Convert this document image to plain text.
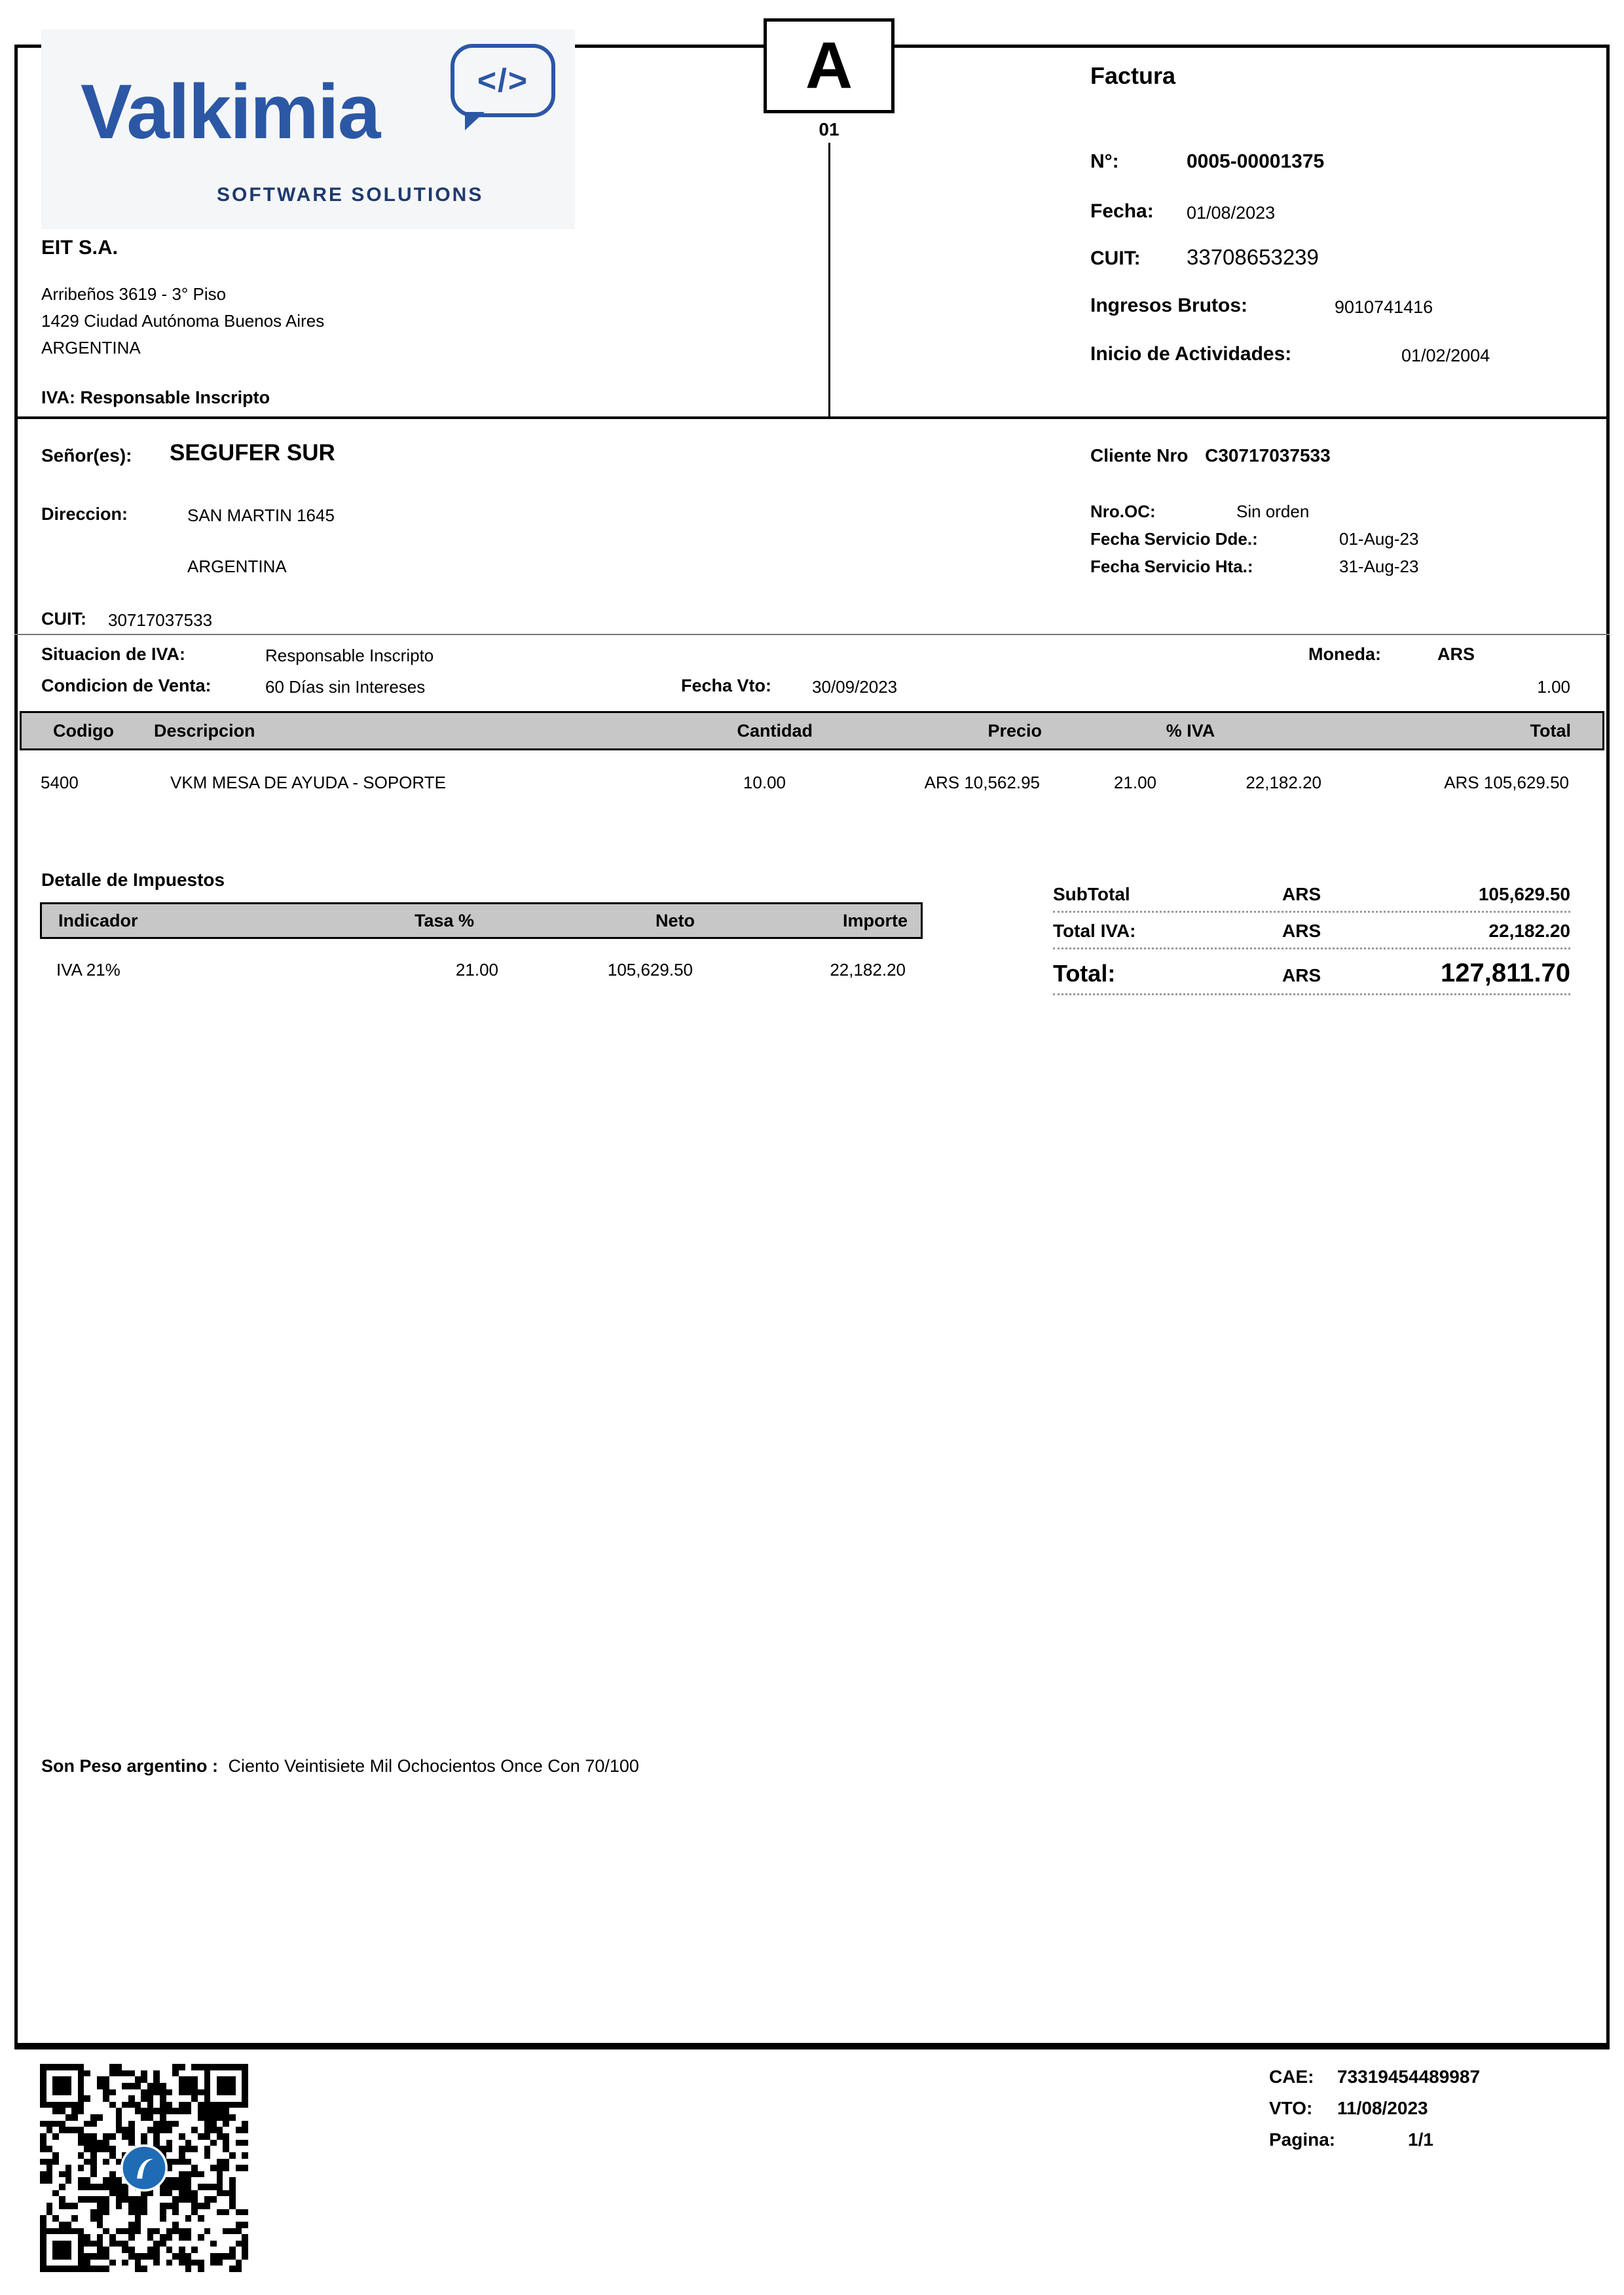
Valkimia	</>
SOFTWARE SOLUTIONS
EIT S.A.
Arribeños 3619 - 3° Piso
1429 Ciudad Autónoma Buenos Aires
ARGENTINA
IVA: Responsable Inscripto
A
01
Factura
N°:	0005-00001375
Fecha: 01/08/2023
CUIT: 33708653239
Ingresos Brutos:	9010741416
Inicio de Actividades:	01/02/2004
Señor(es): SEGUFER SUR	Cliente Nro C30717037533
Direccion:	SAN MARTIN 1645
ARGENTINA
Nro.OC:	Sin orden
Fecha Servicio Dde.:	01-Aug-23
Fecha Servicio Hta.:	31-Aug-23
CUIT: 30717037533
Situacion de IVA:	Responsable Inscripto	Moneda:	ARS
Condicion de Venta:	60 Días sin Intereses	Fecha Vto: 30/09/2023	1.00
Codigo	Descripcion	Cantidad	Precio	% IVA	Total
5400	VKM MESA DE AYUDA - SOPORTE	10.00	ARS 10,562.95	21.00	22,182.20	ARS 105,629.50
Detalle de Impuestos
Indicador	Tasa %	Neto	Importe
IVA 21%	21.00	105,629.50	22,182.20
SubTotal	ARS	105,629.50
Total IVA:	ARS	22,182.20
Total:	ARS	127,811.70
Son Peso argentino : Ciento Veintisiete Mil Ochocientos Once Con 70/100
CAE: 73319454489987
VTO: 11/08/2023
Pagina:	1/1
